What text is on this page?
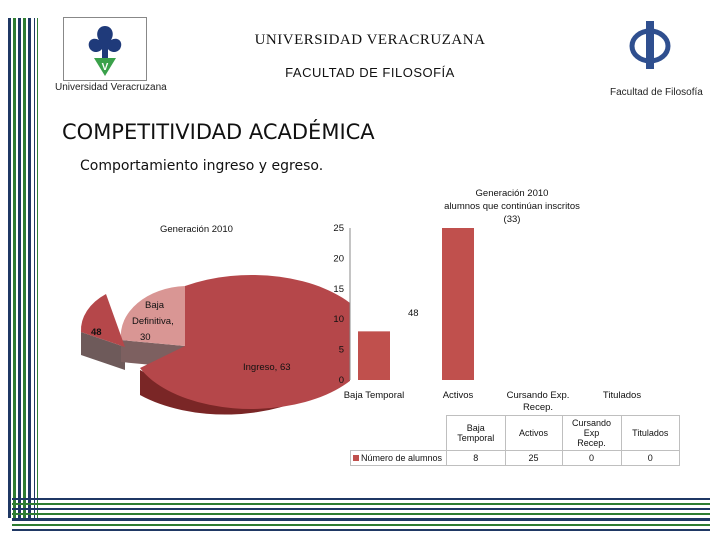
V
Universidad Veracruzana
UNIVERSIDAD VERACRUZANA
FACULTAD DE FILOSOFÍA
Facultad de Filosofía
COMPETITIVIDAD ACADÉMICA
Comportamiento ingreso y egreso.
Generación 2010
48
Baja
Definitiva,
30
Ingreso, 63
Generación 2010
alumnos que continúan inscritos
(33)
0
5
10
15
20
25
Baja Temporal	Activos	Cursando Exp.
Recep.
Titulados
48
	Baja
Temporal	Activos	Cursando Exp
Recep.	Titulados
Número de alumnos	8	25	0	0
